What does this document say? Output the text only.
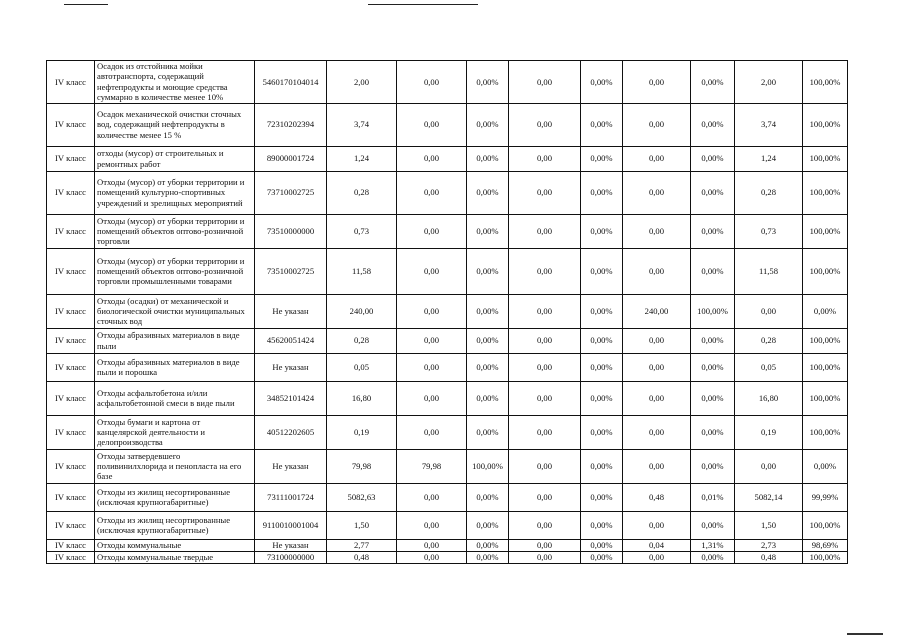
IV класс	Осадок из отстойника мойки автотранспорта, содержащий нефтепродукты и моющие средства суммарно в количестве менее 10%	5460170104014	2,00	0,00	0,00%	0,00	0,00%	0,00	0,00%	2,00	100,00%
IV класс	Осадок механической очистки сточных вод, содержащий нефтепродукты в количестве менее 15 %	72310202394	3,74	0,00	0,00%	0,00	0,00%	0,00	0,00%	3,74	100,00%
IV класс	отходы (мусор) от строительных и ремонтных работ	89000001724	1,24	0,00	0,00%	0,00	0,00%	0,00	0,00%	1,24	100,00%
IV класс	Отходы (мусор) от уборки территории и помещений культурно-спортивных учреждений и зрелищных мероприятий	73710002725	0,28	0,00	0,00%	0,00	0,00%	0,00	0,00%	0,28	100,00%
IV класс	Отходы (мусор) от уборки территории и помещений объектов оптово-розничной торговли	73510000000	0,73	0,00	0,00%	0,00	0,00%	0,00	0,00%	0,73	100,00%
IV класс	Отходы (мусор) от уборки территории и помещений объектов оптово-розничной торговли промышленными товарами	73510002725	11,58	0,00	0,00%	0,00	0,00%	0,00	0,00%	11,58	100,00%
IV класс	Отходы (осадки) от механической и биологической очистки муниципальных сточных вод	Не указан	240,00	0,00	0,00%	0,00	0,00%	240,00	100,00%	0,00	0,00%
IV класс	Отходы абразивных материалов в виде пыли	45620051424	0,28	0,00	0,00%	0,00	0,00%	0,00	0,00%	0,28	100,00%
IV класс	Отходы абразивных материалов в виде пыли и порошка	Не указан	0,05	0,00	0,00%	0,00	0,00%	0,00	0,00%	0,05	100,00%
IV класс	Отходы асфальтобетона и/или асфальтобетонной смеси в виде пыли	34852101424	16,80	0,00	0,00%	0,00	0,00%	0,00	0,00%	16,80	100,00%
IV класс	Отходы бумаги и картона от канцелярской деятельности и делопроизводства	40512202605	0,19	0,00	0,00%	0,00	0,00%	0,00	0,00%	0,19	100,00%
IV класс	Отходы затвердевшего поливинилхлорида и пенопласта на его базе	Не указан	79,98	79,98	100,00%	0,00	0,00%	0,00	0,00%	0,00	0,00%
IV класс	Отходы из жилищ несортированные (исключая крупногабаритные)	73111001724	5082,63	0,00	0,00%	0,00	0,00%	0,48	0,01%	5082,14	99,99%
IV класс	Отходы из жилищ несортированные (исключая крупногабаритные)	9110010001004	1,50	0,00	0,00%	0,00	0,00%	0,00	0,00%	1,50	100,00%
IV класс	Отходы коммунальные	Не указан	2,77	0,00	0,00%	0,00	0,00%	0,04	1,31%	2,73	98,69%
IV класс	Отходы коммунальные твердые	73100000000	0,48	0,00	0,00%	0,00	0,00%	0,00	0,00%	0,48	100,00%
